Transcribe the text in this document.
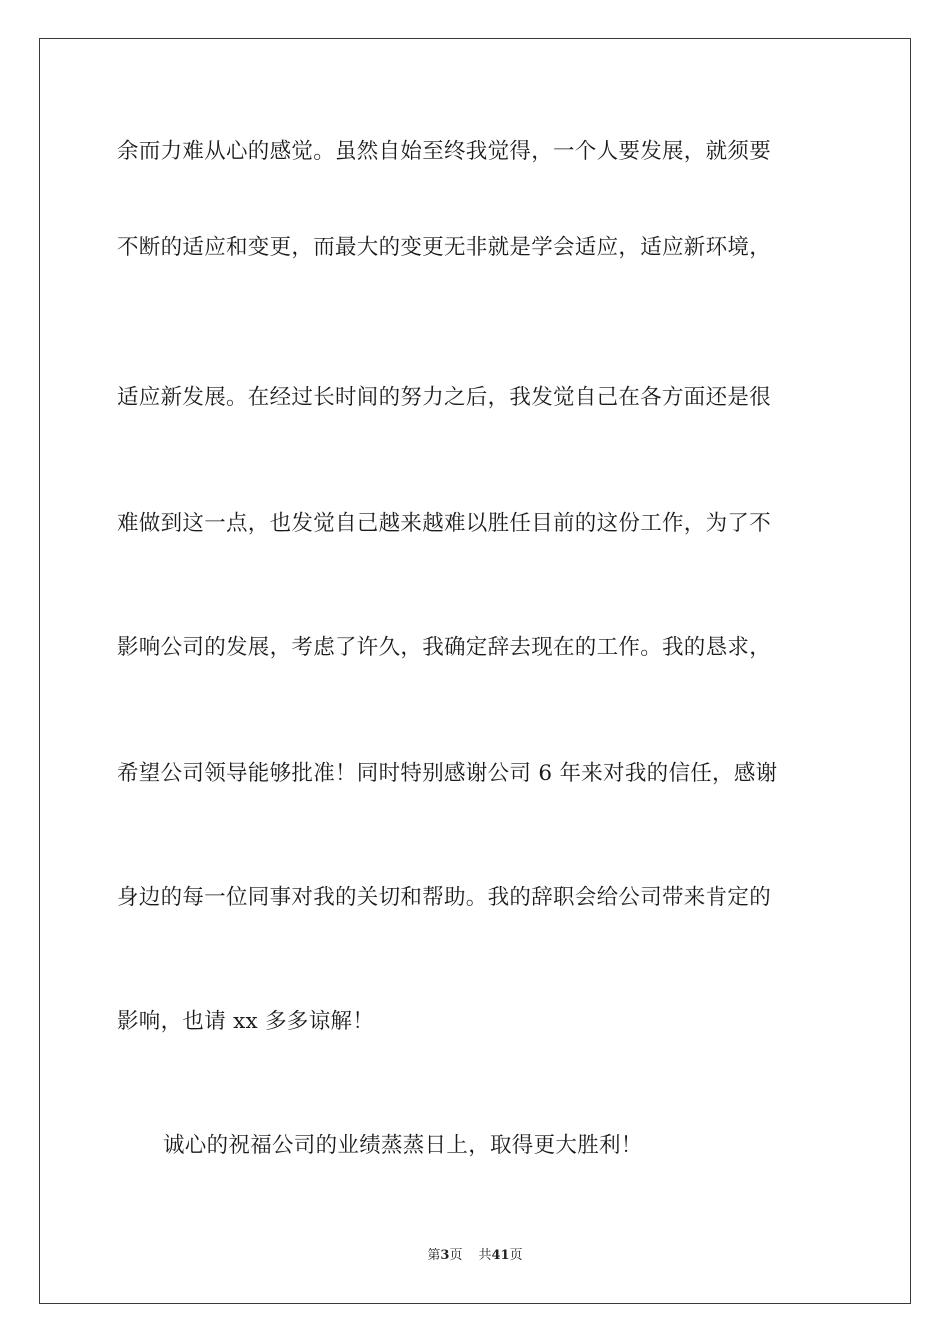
余而力难从心的感觉。虽然自始至终我觉得，一个人要发展，就须要
不断的适应和变更，而最大的变更无非就是学会适应，适应新环境，
适应新发展。在经过长时间的努力之后，我发觉自己在各方面还是很
难做到这一点，也发觉自己越来越难以胜任目前的这份工作，为了不
影响公司的发展，考虑了许久，我确定辞去现在的工作。我的恳求，
希望公司领导能够批准！同时特别感谢公司 6 年来对我的信任，感谢
身边的每一位同事对我的关切和帮助。我的辞职会给公司带来肯定的
影响，也请 xx 多多谅解！
诚心的祝福公司的业绩蒸蒸日上，取得更大胜利！
第3页 共41页
